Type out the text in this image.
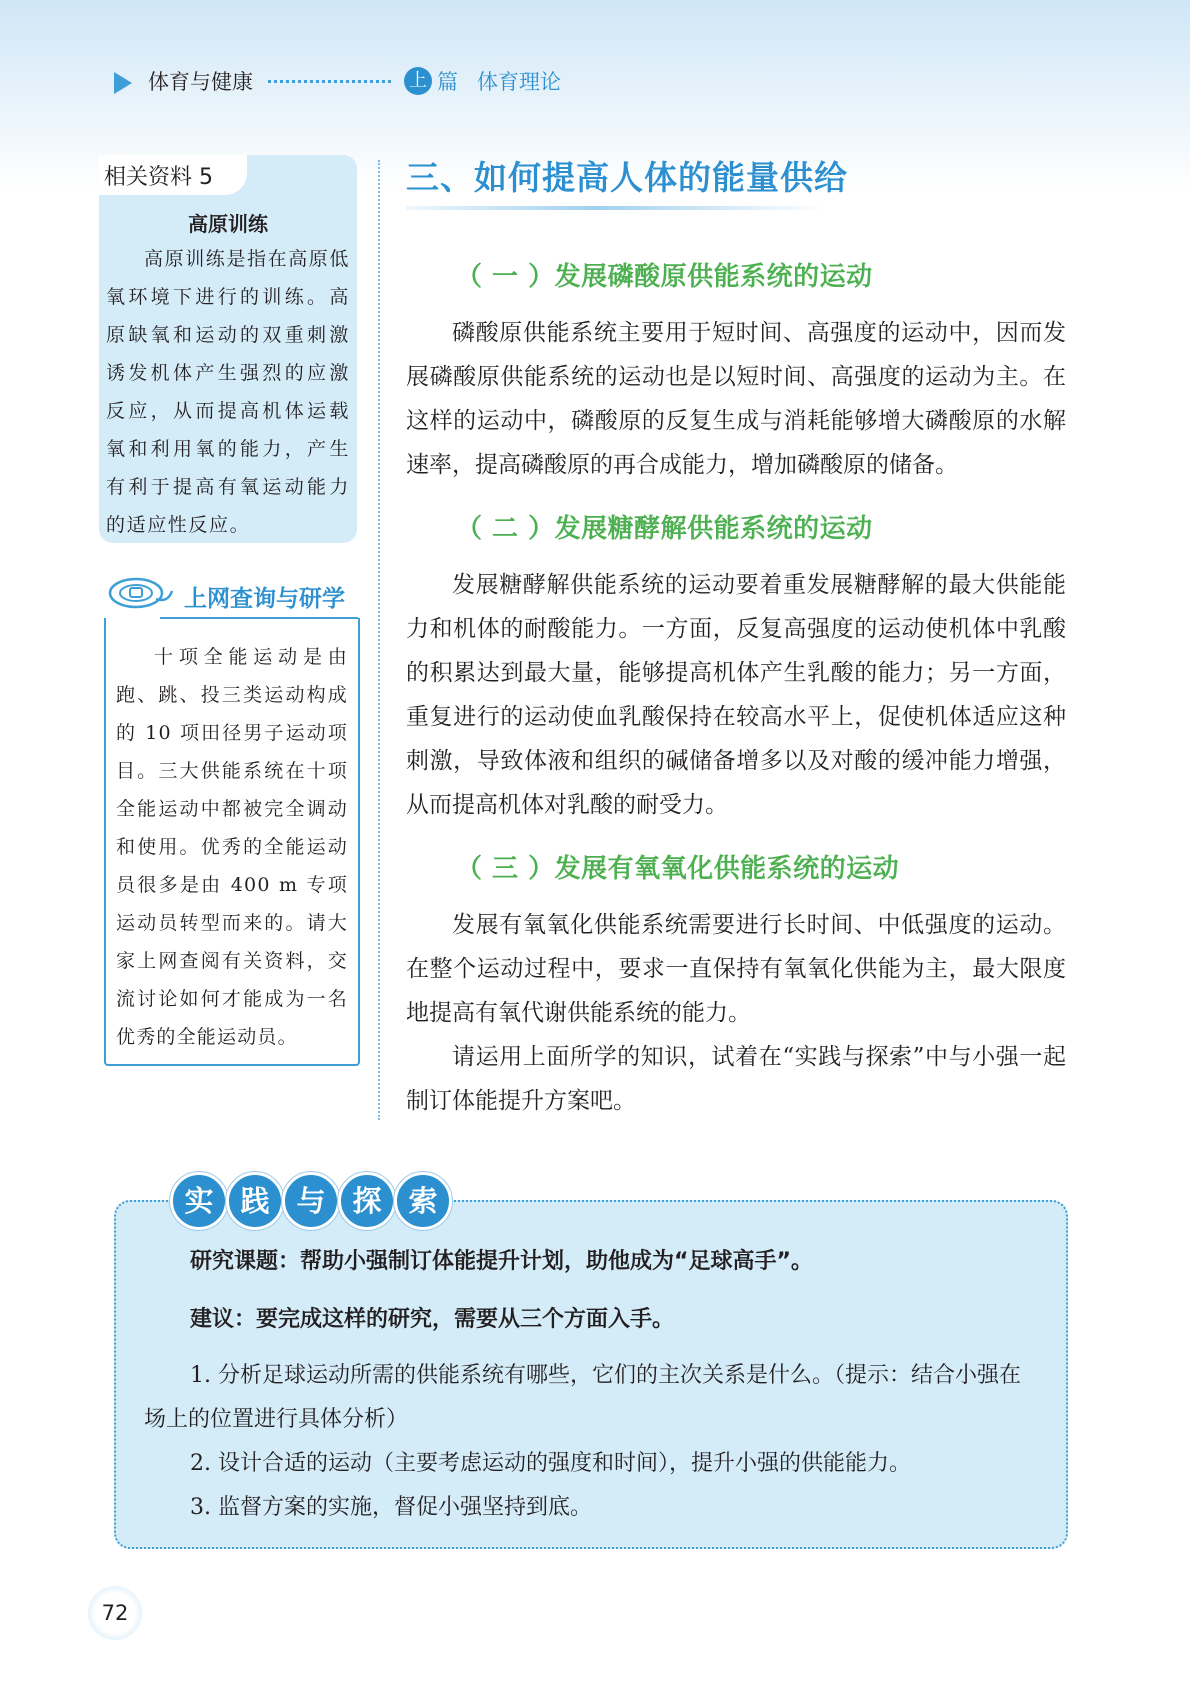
体育与健康	上 篇 体育理论
相关资料 5
高原训练
高原训练是指在高原低氧环境下进行的训练。高原缺氧和运动的双重刺激诱发机体产生强烈的应激反应，从而提高机体运载氧和利用氧的能力，产生有利于提高有氧运动能力的适应性反应。
上网查询与研学
十项全能运动是由跑、跳、投三类运动构成的 10 项田径男子运动项目。三大供能系统在十项全能运动中都被完全调动和使用。优秀的全能运动员很多是由 400 m 专项运动员转型而来的。请大家上网查阅有关资料，交流讨论如何才能成为一名优秀的全能运动员。
三、如何提高人体的能量供给
（ 一 ）发展磷酸原供能系统的运动
磷酸原供能系统主要用于短时间、高强度的运动中，因而发展磷酸原供能系统的运动也是以短时间、高强度的运动为主。在这样的运动中，磷酸原的反复生成与消耗能够增大磷酸原的水解速率，提高磷酸原的再合成能力，增加磷酸原的储备。
（ 二 ）发展糖酵解供能系统的运动
发展糖酵解供能系统的运动要着重发展糖酵解的最大供能能力和机体的耐酸能力。一方面，反复高强度的运动使机体中乳酸的积累达到最大量，能够提高机体产生乳酸的能力；另一方面，重复进行的运动使血乳酸保持在较高水平上，促使机体适应这种刺激，导致体液和组织的碱储备增多以及对酸的缓冲能力增强，从而提高机体对乳酸的耐受力。
（ 三 ）发展有氧氧化供能系统的运动
发展有氧氧化供能系统需要进行长时间、中低强度的运动。在整个运动过程中，要求一直保持有氧氧化供能为主，最大限度地提高有氧代谢供能系统的能力。
请运用上面所学的知识，试着在“实践与探索”中与小强一起制订体能提升方案吧。
实 践 与 探 索
研究课题：帮助小强制订体能提升计划，助他成为“足球高手”。
建议：要完成这样的研究，需要从三个方面入手。
1. 分析足球运动所需的供能系统有哪些，它们的主次关系是什么。（提示：结合小强在场上的位置进行具体分析）
2. 设计合适的运动（主要考虑运动的强度和时间），提升小强的供能能力。
3. 监督方案的实施，督促小强坚持到底。
72
